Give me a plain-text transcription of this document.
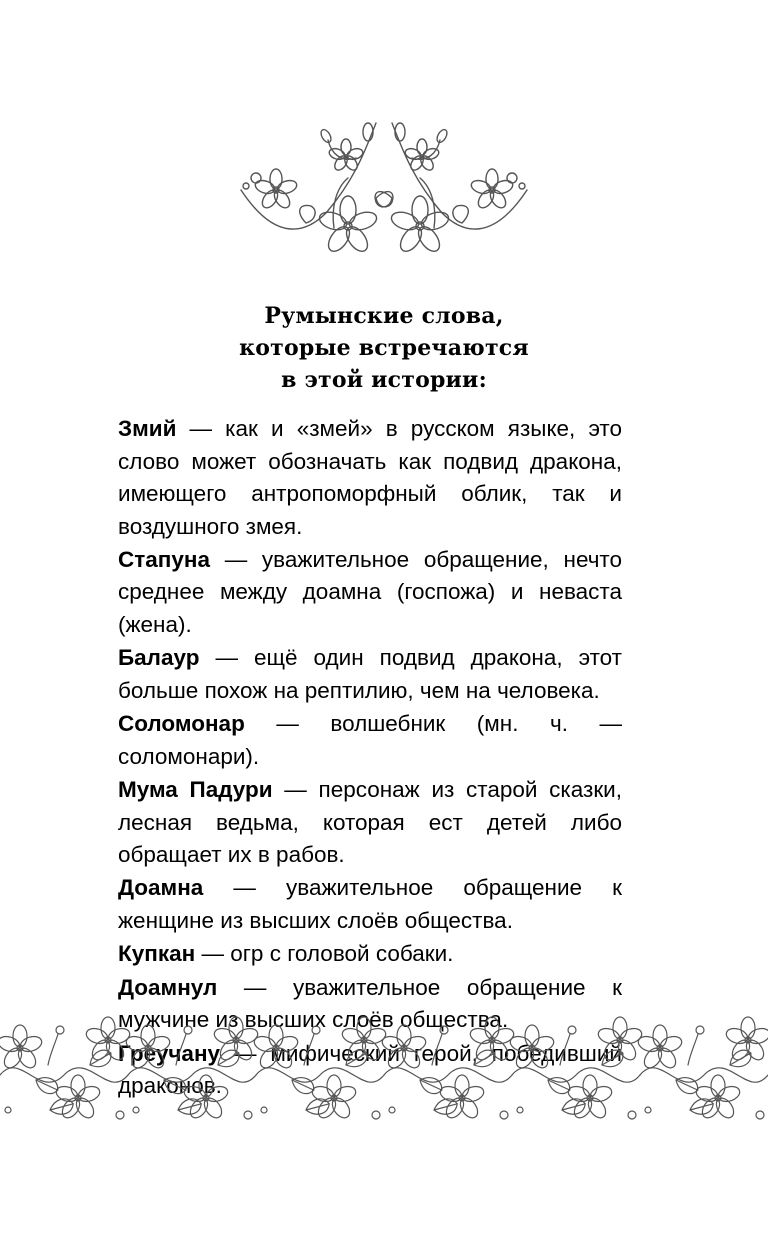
Румынские слова,
которые встречаются
в этой истории:

Змий — как и «змей» в русском языке, это слово может обозначать как подвид дракона, имеющего антропоморфный облик, так и воздушного змея.

Стапуна — уважительное обращение, нечто среднее между доамна (госпожа) и неваста (жена).

Балаур — ещё один подвид дракона, этот больше похож на рептилию, чем на человека.

Соломонар — волшебник (мн. ч. — соломонари).

Мума Падури — персонаж из старой сказки, лесная ведьма, которая ест детей либо обращает их в рабов.

Доамна — уважительное обращение к женщине из высших слоёв общества.

Купкан — огр с головой собаки.

Доамнул — уважительное обращение к мужчине из высших слоёв общества.

Греучану — мифический герой, победивший драконов.
